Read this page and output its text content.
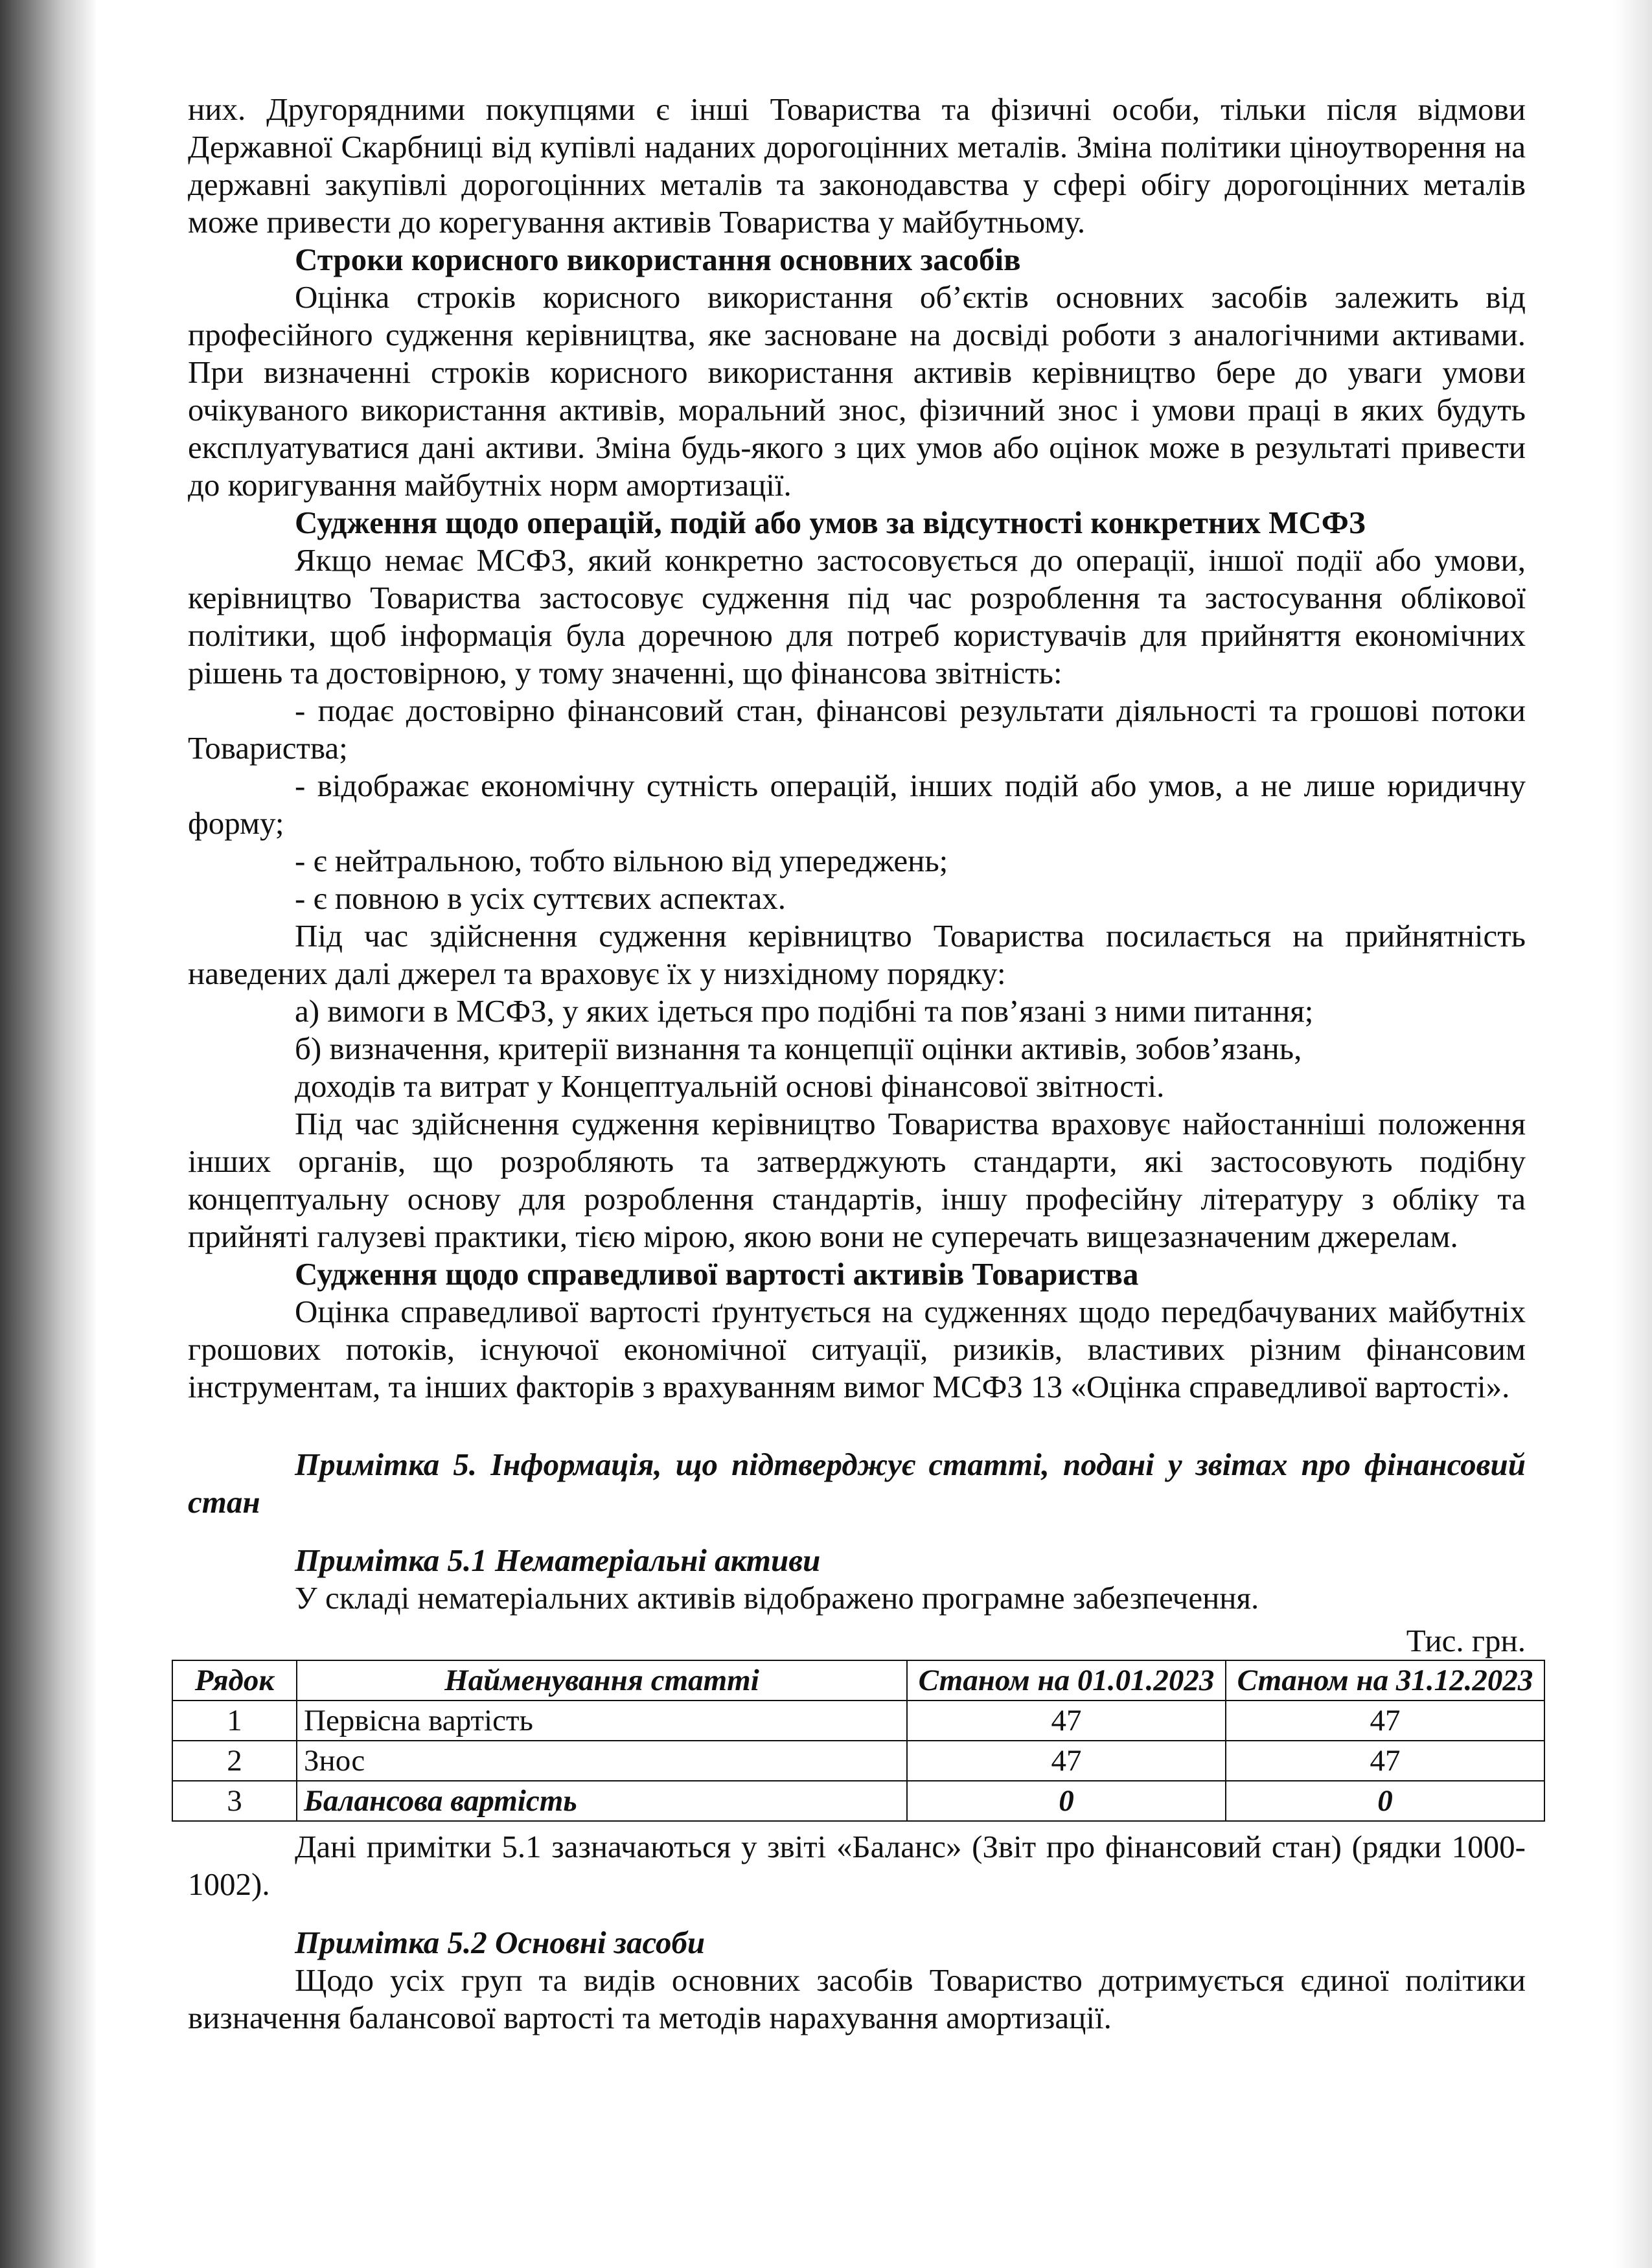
них. Другорядними покупцями є інші Товариства та фізичні особи, тільки після відмови Державної Скарбниці від купівлі наданих дорогоцінних металів. Зміна політики ціноутворення на державні закупівлі дорогоцінних металів та законодавства у сфері обігу дорогоцінних металів може привести до корегування активів Товариства у майбутньому.

Строки корисного використання основних засобів

Оцінка строків корисного використання об’єктів основних засобів залежить від професійного судження керівництва, яке засноване на досвіді роботи з аналогічними активами. При визначенні строків корисного використання активів керівництво бере до уваги умови очікуваного використання активів, моральний знос, фізичний знос і умови праці в яких будуть експлуатуватися дані активи. Зміна будь-якого з цих умов або оцінок може в результаті привести до коригування майбутніх норм амортизації.

Судження щодо операцій, подій або умов за відсутності конкретних МСФЗ

Якщо немає МСФЗ, який конкретно застосовується до операції, іншої події або умови, керівництво Товариства застосовує судження під час розроблення та застосування облікової політики, щоб інформація була доречною для потреб користувачів для прийняття економічних рішень та достовірною, у тому значенні, що фінансова звітність:

- подає достовірно фінансовий стан, фінансові результати діяльності та грошові потоки Товариства;

- відображає економічну сутність операцій, інших подій або умов, а не лише юридичну форму;

- є нейтральною, тобто вільною від упереджень;

- є повною в усіх суттєвих аспектах.

Під час здійснення судження керівництво Товариства посилається на прийнятність наведених далі джерел та враховує їх у низхідному порядку:

а) вимоги в МСФЗ, у яких ідеться про подібні та пов’язані з ними питання;

б) визначення, критерії визнання та концепції оцінки активів, зобов’язань,

доходів та витрат у Концептуальній основі фінансової звітності.

Під час здійснення судження керівництво Товариства враховує найостанніші положення інших органів, що розробляють та затверджують стандарти, які застосовують подібну концептуальну основу для розроблення стандартів, іншу професійну літературу з обліку та прийняті галузеві практики, тією мірою, якою вони не суперечать вищезазначеним джерелам.

Судження щодо справедливої вартості активів Товариства

Оцінка справедливої вартості ґрунтується на судженнях щодо передбачуваних майбутніх грошових потоків, існуючої економічної ситуації, ризиків, властивих різним фінансовим інструментам, та інших факторів з врахуванням вимог МСФЗ 13 «Оцінка справедливої вартості».

Примітка 5. Інформація, що підтверджує статті, подані у звітах про фінансовий стан

Примітка 5.1 Нематеріальні активи

У складі нематеріальних активів відображено програмне забезпечення.

Тис. грн.

Рядок	Найменування статті	Станом на 01.01.2023	Станом на 31.12.2023
1	Первісна вартість	47	47
2	Знос	47	47
3	Балансова вартість	0	0

Дані примітки 5.1 зазначаються у звіті «Баланс» (Звіт про фінансовий стан) (рядки 1000-1002).

Примітка 5.2 Основні засоби

Щодо усіх груп та видів основних засобів Товариство дотримується єдиної політики визначення балансової вартості та методів нарахування амортизації.
